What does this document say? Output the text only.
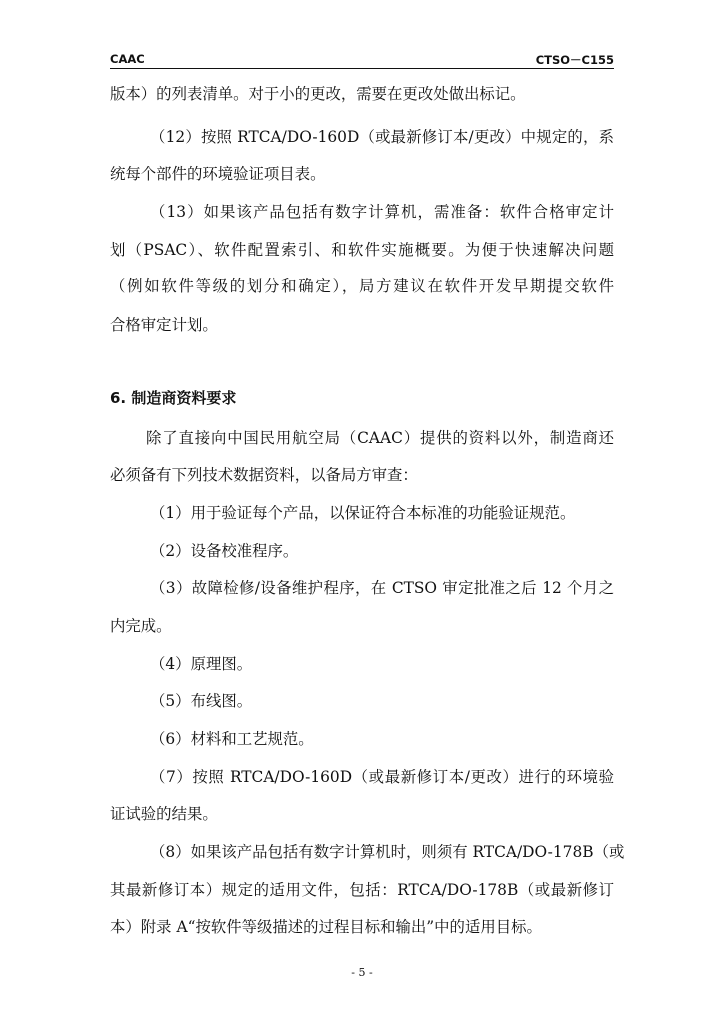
CAAC	CTSO－C155
版本）的列表清单。对于小的更改，需要在更改处做出标记。
（12）按照 RTCA/DO-160D（或最新修订本/更改）中规定的，系
统每个部件的环境验证项目表。
（13）如果该产品包括有数字计算机，需准备：软件合格审定计
划（PSAC）、软件配置索引、和软件实施概要。为便于快速解决问题
（例如软件等级的划分和确定），局方建议在软件开发早期提交软件
合格审定计划。
6. 制造商资料要求
除了直接向中国民用航空局（CAAC）提供的资料以外，制造商还
必须备有下列技术数据资料，以备局方审查：
（1）用于验证每个产品，以保证符合本标准的功能验证规范。
（2）设备校准程序。
（3）故障检修/设备维护程序，在 CTSO 审定批准之后 12 个月之
内完成。
（4）原理图。
（5）布线图。
（6）材料和工艺规范。
（7）按照 RTCA/DO-160D（或最新修订本/更改）进行的环境验
证试验的结果。
（8）如果该产品包括有数字计算机时，则须有 RTCA/DO-178B（或
其最新修订本）规定的适用文件，包括：RTCA/DO-178B（或最新修订
本）附录 A“按软件等级描述的过程目标和输出”中的适用目标。
- 5 -
